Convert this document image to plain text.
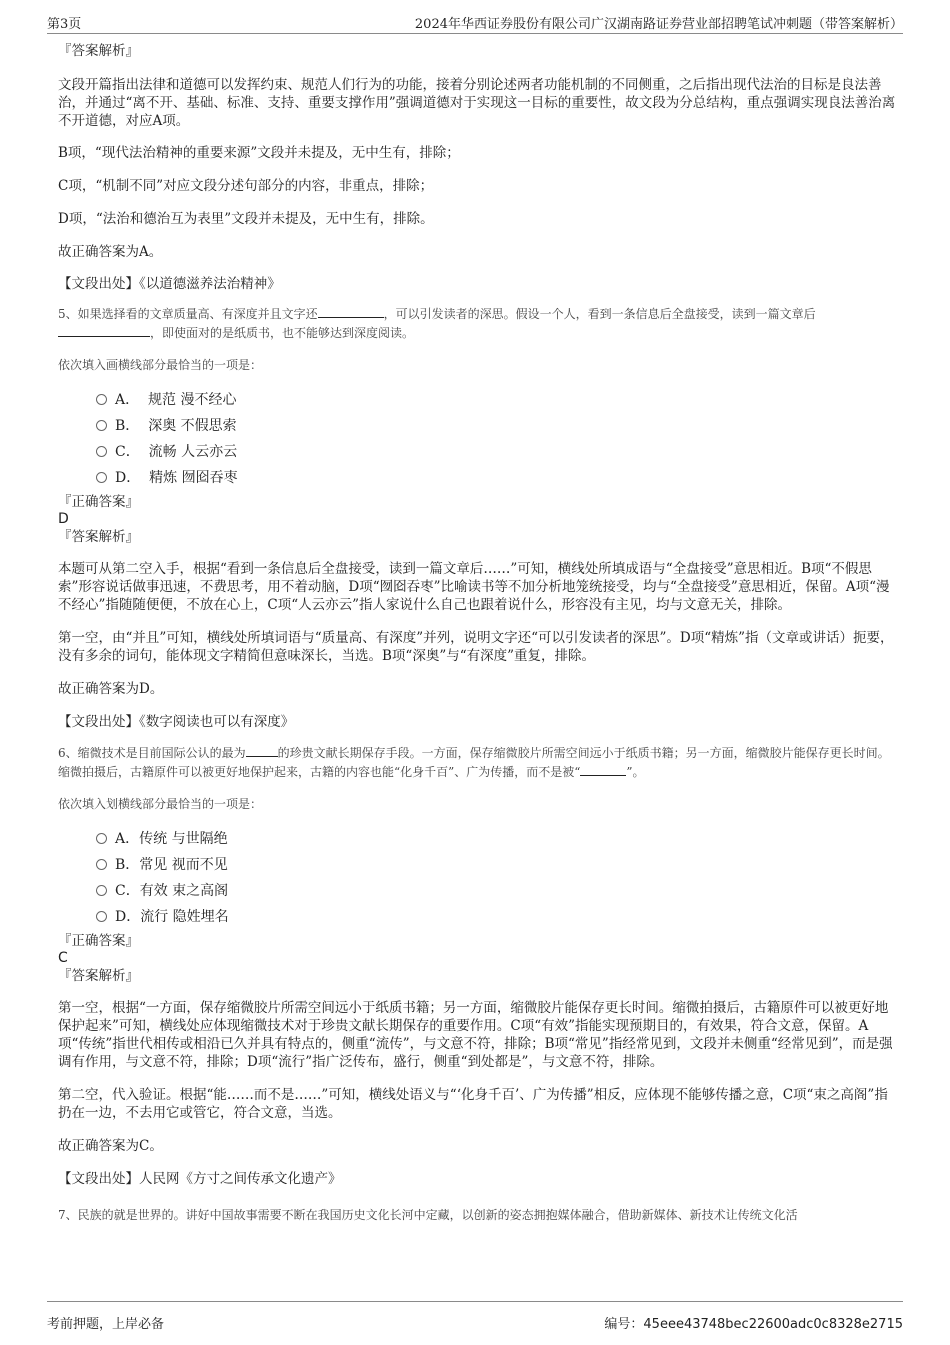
第3页	2024年华西证券股份有限公司广汉湖南路证券营业部招聘笔试冲刺题（带答案解析）

『答案解析』

文段开篇指出法律和道德可以发挥约束、规范人们行为的功能，接着分别论述两者功能机制的不同侧重，之后指出现代法治的目标是良法善治，并通过“离不开、基础、标准、支持、重要支撑作用”强调道德对于实现这一目标的重要性，故文段为分总结构，重点强调实现良法善治离不开道德，对应A项。

B项，“现代法治精神的重要来源”文段并未提及，无中生有，排除；

C项，“机制不同”对应文段分述句部分的内容，非重点，排除；

D项，“法治和德治互为表里”文段并未提及，无中生有，排除。

故正确答案为A。

【文段出处】《以道德滋养法治精神》

5、如果选择看的文章质量高、有深度并且文字还	，可以引发读者的深思。假设一个人，看到一条信息后全盘接受，读到一篇文章后，即使面对的是纸质书，也不能够达到深度阅读。

依次填入画横线部分最恰当的一项是：

A． 规范 漫不经心
B． 深奥 不假思索
C． 流畅 人云亦云
D． 精炼 囫囵吞枣

『正确答案』

D

『答案解析』

本题可从第二空入手，根据“看到一条信息后全盘接受，读到一篇文章后……”可知，横线处所填成语与“全盘接受”意思相近。B项“不假思索”形容说话做事迅速，不费思考，用不着动脑，D项“囫囵吞枣”比喻读书等不加分析地笼统接受，均与“全盘接受”意思相近，保留。A项“漫不经心”指随随便便，不放在心上，C项“人云亦云”指人家说什么自己也跟着说什么，形容没有主见，均与文意无关，排除。

第一空，由“并且”可知，横线处所填词语与“质量高、有深度”并列，说明文字还“可以引发读者的深思”。D项“精炼”指（文章或讲话）扼要，没有多余的词句，能体现文字精简但意味深长，当选。B项“深奥”与“有深度”重复，排除。

故正确答案为D。

【文段出处】《数字阅读也可以有深度》

6、缩微技术是目前国际公认的最为	的珍贵文献长期保存手段。一方面，保存缩微胶片所需空间远小于纸质书籍；另一方面，缩微胶片能保存更长时间。缩微拍摄后，古籍原件可以被更好地保护起来，古籍的内容也能“化身千百”、广为传播，而不是被“	”。

依次填入划横线部分最恰当的一项是：

A．传统 与世隔绝
B．常见 视而不见
C．有效 束之高阁
D．流行 隐姓埋名

『正确答案』

C

『答案解析』

第一空，根据“一方面，保存缩微胶片所需空间远小于纸质书籍；另一方面，缩微胶片能保存更长时间。缩微拍摄后，古籍原件可以被更好地保护起来”可知，横线处应体现缩微技术对于珍贵文献长期保存的重要作用。C项“有效”指能实现预期目的，有效果，符合文意，保留。A项“传统”指世代相传或相沿已久并具有特点的，侧重“流传”，与文意不符，排除；B项“常见”指经常见到，文段并未侧重“经常见到”，而是强调有作用，与文意不符，排除；D项“流行”指广泛传布，盛行，侧重“到处都是”，与文意不符，排除。

第二空，代入验证。根据“能……而不是……”可知，横线处语义与“‘化身千百’、广为传播”相反，应体现不能够传播之意，C项“束之高阁”指扔在一边，不去用它或管它，符合文意，当选。

故正确答案为C。

【文段出处】人民网《方寸之间传承文化遗产》

7、民族的就是世界的。讲好中国故事需要不断在我国历史文化长河中定藏，以创新的姿态拥抱媒体融合，借助新媒体、新技术让传统文化活

考前押题，上岸必备	编号：45eee43748bec22600adc0c8328e2715
